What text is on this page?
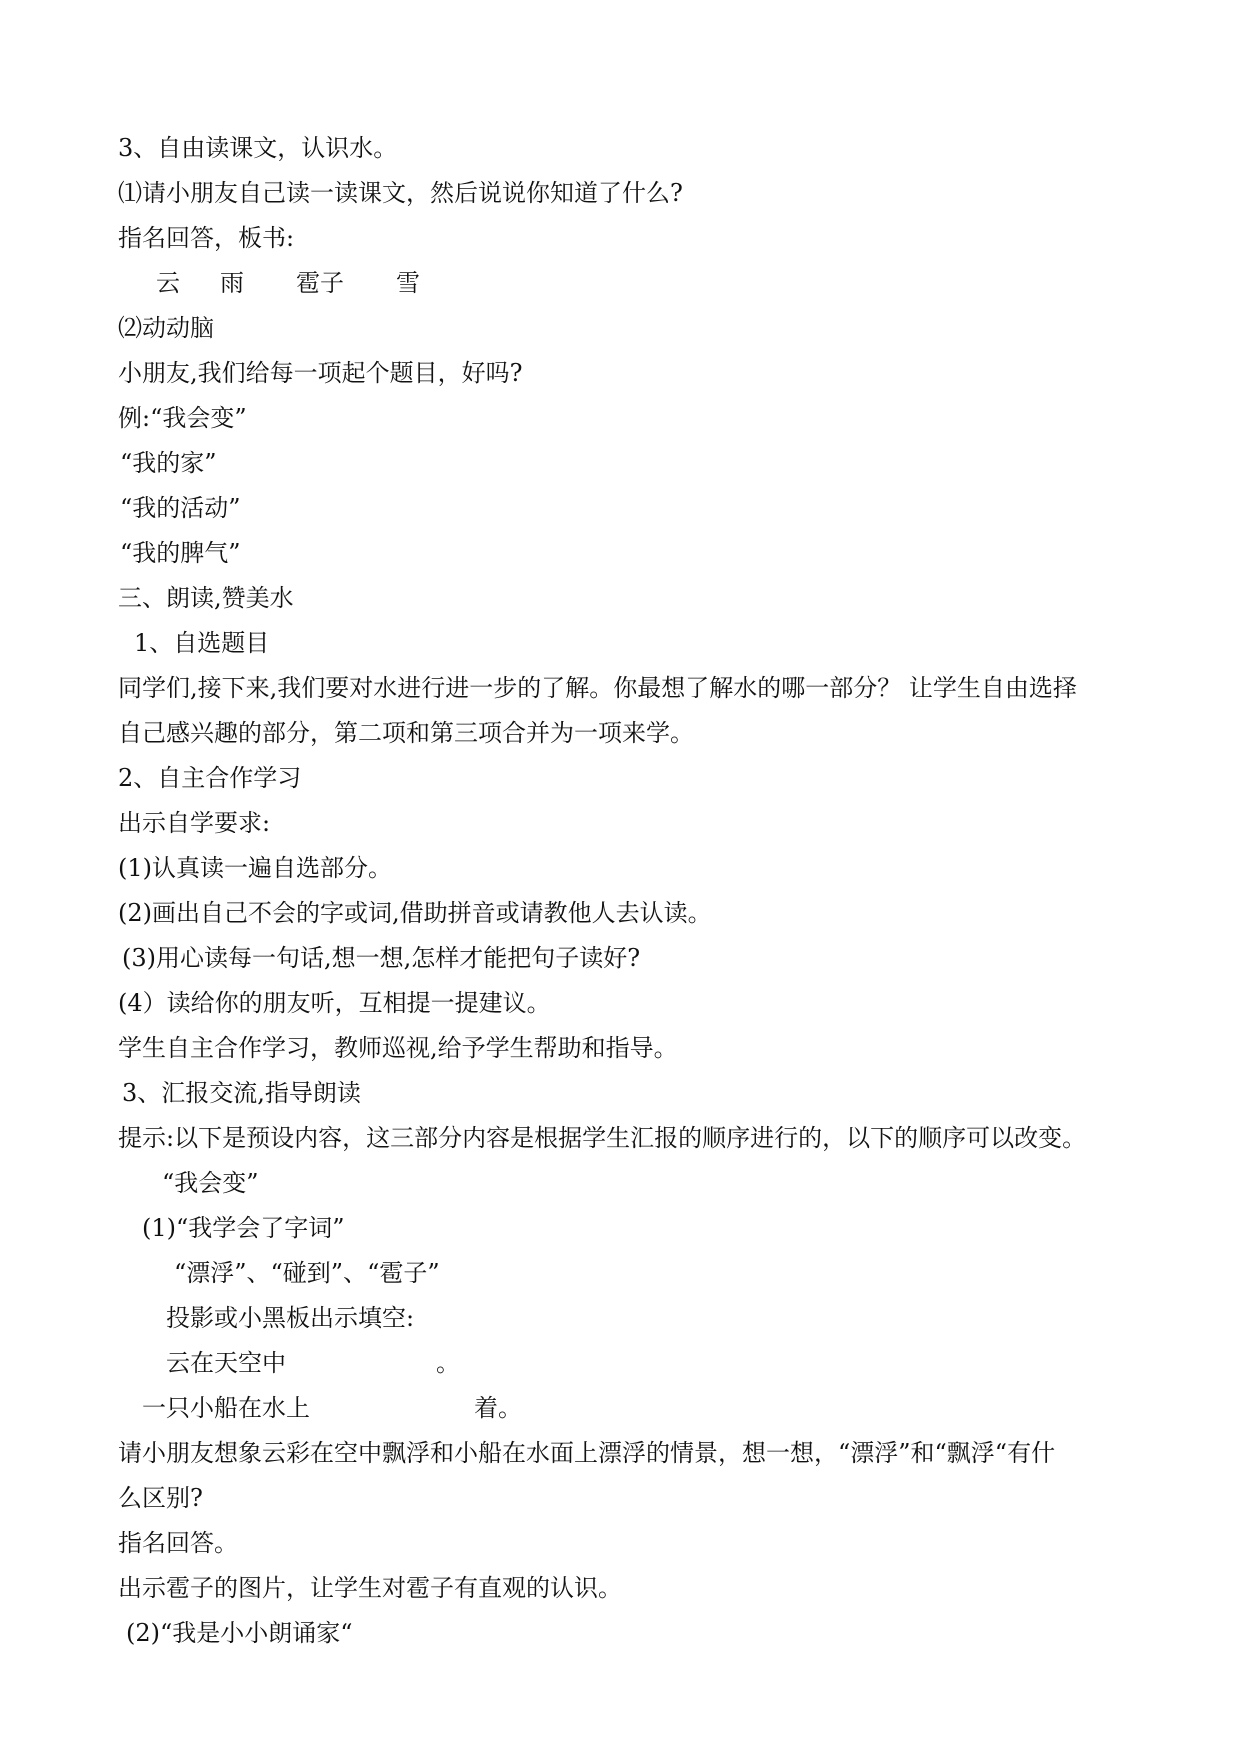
3、自由读课文，认识水。
⑴请小朋友自己读一读课文，然后说说你知道了什么?
指名回答，板书:
云 雨 雹子 雪
⑵动动脑
小朋友,我们给每一项起个题目，好吗?
例:“我会变”
“我的家”
“我的活动”
“我的脾气”
三、朗读,赞美水
1、自选题目
同学们,接下来,我们要对水进行进一步的了解。你最想了解水的哪一部分？ 让学生自由选择
自己感兴趣的部分，第二项和第三项合并为一项来学。
2、自主合作学习
出示自学要求:
(1)认真读一遍自选部分。
(2)画出自己不会的字或词,借助拼音或请教他人去认读。
(3)用心读每一句话,想一想,怎样才能把句子读好?
(4）读给你的朋友听，互相提一提建议。
学生自主合作学习，教师巡视,给予学生帮助和指导。
3、汇报交流,指导朗读
提示:以下是预设内容，这三部分内容是根据学生汇报的顺序进行的，以下的顺序可以改变。
“我会变”
(1)“我学会了字词”
“漂浮”、“碰到”、“雹子”
投影或小黑板出示填空:
云在天空中	。
一只小船在水上	着。
请小朋友想象云彩在空中飘浮和小船在水面上漂浮的情景，想一想，“漂浮”和“飘浮“有什
么区别?
指名回答。
出示雹子的图片，让学生对雹子有直观的认识。
(2)“我是小小朗诵家“
